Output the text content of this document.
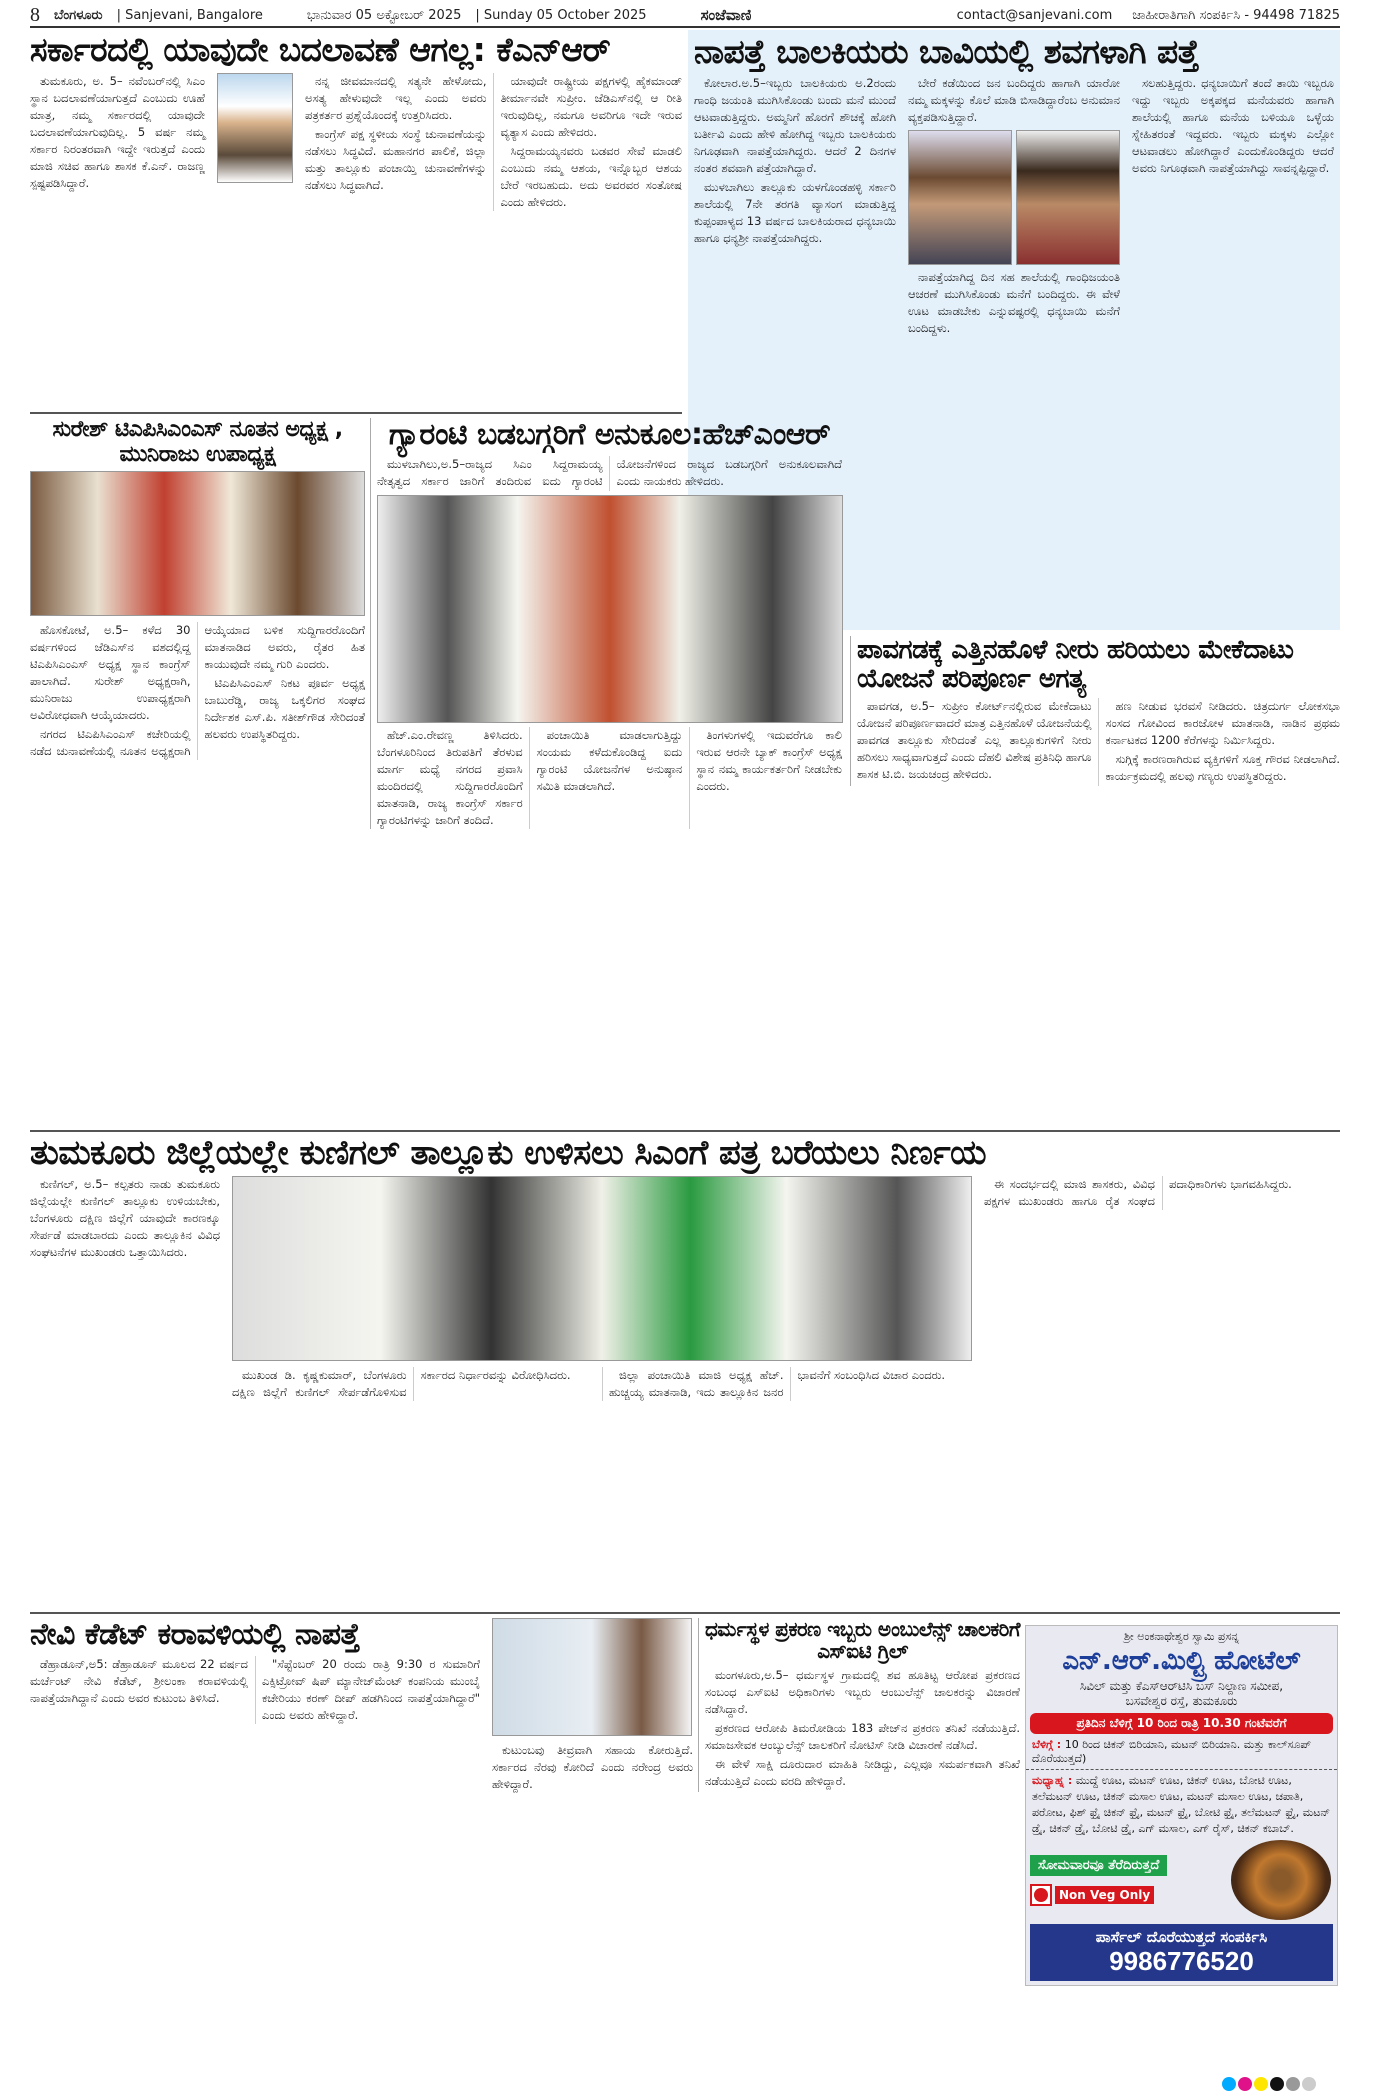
8 ಬೆಂಗಳೂರು | Sanjevani, Bangalore	ಭಾನುವಾರ 05 ಅಕ್ಟೋಬರ್ 2025 | Sunday 05 October 2025	ಸಂಜೆವಾಣಿ	contact@sanjevani.com ಜಾಹೀರಾತಿಗಾಗಿ ಸಂಪರ್ಕಿಸಿ - 94498 71825
ಸರ್ಕಾರದಲ್ಲಿ ಯಾವುದೇ ಬದಲಾವಣೆ ಆಗಲ್ಲ: ಕೆಎನ್‌ಆರ್

ತುಮಕೂರು, ಅ. 5– ನವೆಂಬರ್‌ನಲ್ಲಿ ಸಿಎಂ ಸ್ಥಾನ ಬದಲಾವಣೆಯಾಗುತ್ತದೆ ಎಂಬುದು ಊಹೆ ಮಾತ್ರ, ನಮ್ಮ ಸರ್ಕಾರದಲ್ಲಿ ಯಾವುದೇ ಬದಲಾವಣೆಯಾಗುವುದಿಲ್ಲ. 5 ವರ್ಷ ನಮ್ಮ ಸರ್ಕಾರ ನಿರಂತರವಾಗಿ ಇದ್ದೇ ಇರುತ್ತದೆ ಎಂದು ಮಾಜಿ ಸಚಿವ ಹಾಗೂ ಶಾಸಕ ಕೆ.ಎನ್. ರಾಜಣ್ಣ ಸ್ಪಷ್ಟಪಡಿಸಿದ್ದಾರೆ.

ನನ್ನ ಜೀವಮಾನದಲ್ಲಿ ಸತ್ಯನೇ ಹೇಳೋದು, ಅಸತ್ಯ ಹೇಳುವುದೇ ಇಲ್ಲ ಎಂದು ಅವರು ಪತ್ರಕರ್ತರ ಪ್ರಶ್ನೆಯೊಂದಕ್ಕೆ ಉತ್ತರಿಸಿದರು.

ಕಾಂಗ್ರೆಸ್ ಪಕ್ಷ ಸ್ಥಳೀಯ ಸಂಸ್ಥೆ ಚುನಾವಣೆಯನ್ನು ನಡೆಸಲು ಸಿದ್ಧವಿದೆ. ಮಹಾನಗರ ಪಾಲಿಕೆ, ಜಿಲ್ಲಾ ಮತ್ತು ತಾಲ್ಲೂಕು ಪಂಚಾಯ್ತಿ ಚುನಾವಣೆಗಳನ್ನು ನಡೆಸಲು ಸಿದ್ಧವಾಗಿದೆ.

ಯಾವುದೇ ರಾಷ್ಟ್ರೀಯ ಪಕ್ಷಗಳಲ್ಲಿ ಹೈಕಮಾಂಡ್ ತೀರ್ಮಾನವೇ ಸುಪ್ರೀಂ. ಜೆಡಿಎಸ್‌ನಲ್ಲಿ ಆ ರೀತಿ ಇರುವುದಿಲ್ಲ, ನಮಗೂ ಅವರಿಗೂ ಇದೇ ಇರುವ ವ್ಯತ್ಯಾಸ ಎಂದು ಹೇಳಿದರು.

ಸಿದ್ದರಾಮಯ್ಯನವರು ಬಡವರ ಸೇವೆ ಮಾಡಲಿ ಎಂಬುದು ನಮ್ಮ ಆಶಯ, ಇನ್ನೊಬ್ಬರ ಆಶಯ ಬೇರೆ ಇರಬಹುದು. ಅದು ಅವರವರ ಸಂತೋಷ ಎಂದು ಹೇಳಿದರು.

ನಾಪತ್ತೆ ಬಾಲಕಿಯರು ಬಾವಿಯಲ್ಲಿ ಶವಗಳಾಗಿ ಪತ್ತೆ

ಕೋಲಾರ.ಅ.5–ಇಬ್ಬರು ಬಾಲಕಿಯರು ಅ.2ರಂದು ಗಾಂಧಿ ಜಯಂತಿ ಮುಗಿಸಿಕೊಂಡು ಬಂದು ಮನೆ ಮುಂದೆ ಆಟವಾಡುತ್ತಿದ್ದರು. ಅಮ್ಮನಿಗೆ ಹೊರಗೆ ಶೌಚಕ್ಕೆ ಹೋಗಿ ಬರ್ತೀವಿ ಎಂದು ಹೇಳಿ ಹೋಗಿದ್ದ ಇಬ್ಬರು ಬಾಲಕಿಯರು ನಿಗೂಢವಾಗಿ ನಾಪತ್ತೆಯಾಗಿದ್ದರು. ಆದರೆ 2 ದಿನಗಳ ನಂತರ ಶವವಾಗಿ ಪತ್ತೆಯಾಗಿದ್ದಾರೆ.

ಮುಳಬಾಗಿಲು ತಾಲ್ಲೂಕು ಯಳಗೊಂಡಹಳ್ಳಿ ಸರ್ಕಾರಿ ಶಾಲೆಯಲ್ಲಿ 7ನೇ ತರಗತಿ ವ್ಯಾಸಂಗ ಮಾಡುತ್ತಿದ್ದ ಕುಪ್ಪಂಪಾಳ್ಯದ 13 ವರ್ಷದ ಬಾಲಕಿಯರಾದ ಧನ್ಯಬಾಯಿ ಹಾಗೂ ಧನ್ಯಶ್ರೀ ನಾಪತ್ತೆಯಾಗಿದ್ದರು.

ಬೇರೆ ಕಡೆಯಿಂದ ಜನ ಬಂದಿದ್ದರು ಹಾಗಾಗಿ ಯಾರೋ ನಮ್ಮ ಮಕ್ಕಳನ್ನು ಕೊಲೆ ಮಾಡಿ ಬಿಸಾಡಿದ್ದಾರೆಂಬ ಅನುಮಾನ ವ್ಯಕ್ತಪಡಿಸುತ್ತಿದ್ದಾರೆ.

ನಾಪತ್ತೆಯಾಗಿದ್ದ ದಿನ ಸಹ ಶಾಲೆಯಲ್ಲಿ ಗಾಂಧಿಜಯಂತಿ ಆಚರಣೆ ಮುಗಿಸಿಕೊಂಡು ಮನೆಗೆ ಬಂದಿದ್ದರು. ಈ ವೇಳೆ ಊಟ ಮಾಡಬೇಕು ಎನ್ನುವಷ್ಟರಲ್ಲಿ ಧನ್ಯಬಾಯಿ ಮನೆಗೆ ಬಂದಿದ್ದಳು.

ಸಲಹುತ್ತಿದ್ದರು. ಧನ್ಯಬಾಯಿಗೆ ತಂದೆ ತಾಯಿ ಇಬ್ಬರೂ ಇದ್ದು ಇಬ್ಬರು ಅಕ್ಕಪಕ್ಕದ ಮನೆಯವರು ಹಾಗಾಗಿ ಶಾಲೆಯಲ್ಲಿ ಹಾಗೂ ಮನೆಯ ಬಳಿಯೂ ಒಳ್ಳೆಯ ಸ್ನೇಹಿತರಂತೆ ಇದ್ದವರು. ಇಬ್ಬರು ಮಕ್ಕಳು ಎಲ್ಲೋ ಆಟವಾಡಲು ಹೋಗಿದ್ದಾರೆ ಎಂದುಕೊಂಡಿದ್ದರು ಆದರೆ ಅವರು ನಿಗೂಢವಾಗಿ ನಾಪತ್ತೆಯಾಗಿದ್ದು ಸಾವನ್ನಪ್ಪಿದ್ದಾರೆ.

ಸುರೇಶ್ ಟಿಎಪಿಸಿಎಂಎಸ್ ನೂತನ ಅಧ್ಯಕ್ಷ , ಮುನಿರಾಜು ಉಪಾಧ್ಯಕ್ಷ

ಹೊಸಕೋಟೆ, ಅ.5– ಕಳೆದ 30 ವರ್ಷಗಳಿಂದ ಜೆಡಿಎಸ್‌ನ ವಶದಲ್ಲಿದ್ದ ಟಿಎಪಿಸಿಎಂಎಸ್ ಅಧ್ಯಕ್ಷ ಸ್ಥಾನ ಕಾಂಗ್ರೆಸ್ ಪಾಲಾಗಿದೆ. ಸುರೇಶ್ ಅಧ್ಯಕ್ಷರಾಗಿ, ಮುನಿರಾಜು ಉಪಾಧ್ಯಕ್ಷರಾಗಿ ಅವಿರೋಧವಾಗಿ ಆಯ್ಕೆಯಾದರು.

ನಗರದ ಟಿಎಪಿಸಿಎಂಎಸ್ ಕಚೇರಿಯಲ್ಲಿ ನಡೆದ ಚುನಾವಣೆಯಲ್ಲಿ ನೂತನ ಅಧ್ಯಕ್ಷರಾಗಿ ಆಯ್ಕೆಯಾದ ಬಳಿಕ ಸುದ್ದಿಗಾರರೊಂದಿಗೆ ಮಾತನಾಡಿದ ಅವರು, ರೈತರ ಹಿತ ಕಾಯುವುದೇ ನಮ್ಮ ಗುರಿ ಎಂದರು.

ಟಿಎಪಿಸಿಎಂಎಸ್ ನಿಕಟ ಪೂರ್ವ ಅಧ್ಯಕ್ಷ ಬಾಬುರೆಡ್ಡಿ, ರಾಜ್ಯ ಒಕ್ಕಲಿಗರ ಸಂಘದ ನಿರ್ದೇಶಕ ಎಸ್.ಪಿ. ಸತೀಶ್‌ಗೌಡ ಸೇರಿದಂತೆ ಹಲವರು ಉಪಸ್ಥಿತರಿದ್ದರು.

ಗ್ಯಾರಂಟಿ ಬಡಬಗ್ಗರಿಗೆ ಅನುಕೂಲ:ಹೆಚ್‌ಎಂಆರ್

ಮುಳಬಾಗಿಲು,ಅ.5–ರಾಜ್ಯದ ಸಿಎಂ ಸಿದ್ದರಾಮಯ್ಯ ನೇತೃತ್ವದ ಸರ್ಕಾರ ಜಾರಿಗೆ ತಂದಿರುವ ಐದು ಗ್ಯಾರಂಟಿ ಯೋಜನೆಗಳಿಂದ ರಾಜ್ಯದ ಬಡಬಗ್ಗರಿಗೆ ಅನುಕೂಲವಾಗಿದೆ ಎಂದು ನಾಯಕರು ಹೇಳಿದರು.

ಹೆಚ್.ಎಂ.ರೇವಣ್ಣ ತಿಳಿಸಿದರು. ಬೆಂಗಳೂರಿನಿಂದ ತಿರುಪತಿಗೆ ತೆರಳುವ ಮಾರ್ಗ ಮಧ್ಯೆ ನಗರದ ಪ್ರವಾಸಿ ಮಂದಿರದಲ್ಲಿ ಸುದ್ದಿಗಾರರೊಂದಿಗೆ ಮಾತನಾಡಿ, ರಾಜ್ಯ ಕಾಂಗ್ರೆಸ್ ಸರ್ಕಾರ ಗ್ಯಾರಂಟಿಗಳನ್ನು ಜಾರಿಗೆ ತಂದಿದೆ.

ಪಂಚಾಯಿತಿ ಮಾಡಲಾಗುತ್ತಿದ್ದು ಸಂಯಮ ಕಳೆದುಕೊಂಡಿದ್ದ ಐದು ಗ್ಯಾರಂಟಿ ಯೋಜನೆಗಳ ಅನುಷ್ಠಾನ ಸಮಿತಿ ಮಾಡಲಾಗಿದೆ.

ತಿಂಗಳುಗಳಲ್ಲಿ ಇದುವರೆಗೂ ಕಾಲಿ ಇರುವ ಆರನೇ ಬ್ಯಾಕ್ ಕಾಂಗ್ರೆಸ್ ಅಧ್ಯಕ್ಷ ಸ್ಥಾನ ನಮ್ಮ ಕಾರ್ಯಕರ್ತರಿಗೆ ನೀಡಬೇಕು ಎಂದರು.

ಪಾವಗಡಕ್ಕೆ ಎತ್ತಿನಹೊಳೆ ನೀರು ಹರಿಯಲು ಮೇಕೆದಾಟು ಯೋಜನೆ ಪರಿಪೂರ್ಣ ಅಗತ್ಯ

ಪಾವಗಡ, ಅ.5– ಸುಪ್ರೀಂ ಕೋರ್ಟ್‌ನಲ್ಲಿರುವ ಮೇಕೆದಾಟು ಯೋಜನೆ ಪರಿಪೂರ್ಣವಾದರೆ ಮಾತ್ರ ಎತ್ತಿನಹೊಳೆ ಯೋಜನೆಯಲ್ಲಿ ಪಾವಗಡ ತಾಲ್ಲೂಕು ಸೇರಿದಂತೆ ಎಲ್ಲ ತಾಲ್ಲೂಕುಗಳಿಗೆ ನೀರು ಹರಿಸಲು ಸಾಧ್ಯವಾಗುತ್ತದೆ ಎಂದು ದೆಹಲಿ ವಿಶೇಷ ಪ್ರತಿನಿಧಿ ಹಾಗೂ ಶಾಸಕ ಟಿ.ಬಿ. ಜಯಚಂದ್ರ ಹೇಳಿದರು.

ಹಣ ನೀಡುವ ಭರವಸೆ ನೀಡಿದರು. ಚಿತ್ರದುರ್ಗ ಲೋಕಸಭಾ ಸಂಸದ ಗೋವಿಂದ ಕಾರಜೋಳ ಮಾತನಾಡಿ, ನಾಡಿನ ಪ್ರಥಮ ಕರ್ನಾಟಕದ 1200 ಕೆರೆಗಳನ್ನು ನಿರ್ಮಿಸಿದ್ದರು.

ಸುಗ್ಗಿಕ್ಕೆ ಕಾರಣರಾಗಿರುವ ವ್ಯಕ್ತಿಗಳಿಗೆ ಸೂಕ್ತ ಗೌರವ ನೀಡಲಾಗಿದೆ. ಕಾರ್ಯಕ್ರಮದಲ್ಲಿ ಹಲವು ಗಣ್ಯರು ಉಪಸ್ಥಿತರಿದ್ದರು.

ತುಮಕೂರು ಜಿಲ್ಲೆಯಲ್ಲೇ ಕುಣಿಗಲ್ ತಾಲ್ಲೂಕು ಉಳಿಸಲು ಸಿಎಂಗೆ ಪತ್ರ ಬರೆಯಲು ನಿರ್ಣಯ

ಕುಣಿಗಲ್, ಅ.5– ಕಲ್ಪತರು ನಾಡು ತುಮಕೂರು ಜಿಲ್ಲೆಯಲ್ಲೇ ಕುಣಿಗಲ್ ತಾಲ್ಲೂಕು ಉಳಿಯಬೇಕು, ಬೆಂಗಳೂರು ದಕ್ಷಿಣ ಜಿಲ್ಲೆಗೆ ಯಾವುದೇ ಕಾರಣಕ್ಕೂ ಸೇರ್ಪಡೆ ಮಾಡಬಾರದು ಎಂದು ತಾಲ್ಲೂಕಿನ ವಿವಿಧ ಸಂಘಟನೆಗಳ ಮುಖಂಡರು ಒತ್ತಾಯಿಸಿದರು.

ಮುಖಂಡ ಡಿ. ಕೃಷ್ಣಕುಮಾರ್, ಬೆಂಗಳೂರು ದಕ್ಷಿಣ ಜಿಲ್ಲೆಗೆ ಕುಣಿಗಲ್ ಸೇರ್ಪಡೆಗೊಳಿಸುವ ಸರ್ಕಾರದ ನಿರ್ಧಾರವನ್ನು ವಿರೋಧಿಸಿದರು.	ಜಿಲ್ಲಾ ಪಂಚಾಯಿತಿ ಮಾಜಿ ಅಧ್ಯಕ್ಷ ಹೆಚ್. ಹುಚ್ಚಯ್ಯ ಮಾತನಾಡಿ, ಇದು ತಾಲ್ಲೂಕಿನ ಜನರ ಭಾವನೆಗೆ ಸಂಬಂಧಿಸಿದ ವಿಚಾರ ಎಂದರು.

ಈ ಸಂದರ್ಭದಲ್ಲಿ ಮಾಜಿ ಶಾಸಕರು, ವಿವಿಧ ಪಕ್ಷಗಳ ಮುಖಂಡರು ಹಾಗೂ ರೈತ ಸಂಘದ ಪದಾಧಿಕಾರಿಗಳು ಭಾಗವಹಿಸಿದ್ದರು.

ನೇವಿ ಕೆಡೆಟ್ ಕರಾವಳಿಯಲ್ಲಿ ನಾಪತ್ತೆ

ಡೆಹ್ರಾಡೂನ್,ಅ5: ಡೆಹ್ರಾಡೂನ್ ಮೂಲದ 22 ವರ್ಷದ ಮರ್ಚೆಂಟ್ ನೇವಿ ಕೆಡೆಟ್, ಶ್ರೀಲಂಕಾ ಕರಾವಳಿಯಲ್ಲಿ ನಾಪತ್ತೆಯಾಗಿದ್ದಾನೆ ಎಂದು ಅವರ ಕುಟುಂಬ ತಿಳಿಸಿದೆ.

"ಸೆಪ್ಟೆಂಬರ್ 20 ರಂದು ರಾತ್ರಿ 9:30 ರ ಸುಮಾರಿಗೆ ಎಕ್ಸಿಟ್ರೋವ್ ಷಿಪ್ ಮ್ಯಾನೇಜ್‌ಮೆಂಟ್ ಕಂಪನಿಯ ಮುಂಬೈ ಕಚೇರಿಯು ಕರಣ್ ದೀಪ್ ಹಡಗಿನಿಂದ ನಾಪತ್ತೆಯಾಗಿದ್ದಾರೆ" ಎಂದು ಅವರು ಹೇಳಿದ್ದಾರೆ.

ಕುಟುಂಬವು ತೀವ್ರವಾಗಿ ಸಹಾಯ ಕೋರುತ್ತಿದೆ. ಸರ್ಕಾರದ ನೆರವು ಕೋರಿದೆ ಎಂದು ನರೇಂದ್ರ ಅವರು ಹೇಳಿದ್ದಾರೆ.

ಧರ್ಮಸ್ಥಳ ಪ್ರಕರಣ ಇಬ್ಬರು ಅಂಬುಲೆನ್ಸ್ ಚಾಲಕರಿಗೆ ಎಸ್‌ಐಟಿ ಗ್ರಿಲ್

ಮಂಗಳೂರು,ಅ.5– ಧರ್ಮಸ್ಥಳ ಗ್ರಾಮದಲ್ಲಿ ಶವ ಹೂತಿಟ್ಟ ಆರೋಪ ಪ್ರಕರಣದ ಸಂಬಂಧ ಎಸ್‌ಐಟಿ ಅಧಿಕಾರಿಗಳು ಇಬ್ಬರು ಆಂಬುಲೆನ್ಸ್ ಚಾಲಕರನ್ನು ವಿಚಾರಣೆ ನಡೆಸಿದ್ದಾರೆ.

ಪ್ರಕರಣದ ಆರೋಪಿ ತಿಮರೋಡಿಯ 183 ಪೇಜ್‌ನ ಪ್ರಕರಣ ತನಿಖೆ ನಡೆಯುತ್ತಿದೆ. ಸಮಾಜಸೇವಕ ಆಂಬ್ಯುಲೆನ್ಸ್ ಚಾಲಕರಿಗೆ ನೋಟಿಸ್ ನೀಡಿ ವಿಚಾರಣೆ ನಡೆಸಿದೆ.

ಈ ವೇಳೆ ಸಾಕ್ಷಿ ದೂರುದಾರ ಮಾಹಿತಿ ನೀಡಿದ್ದು, ಎಲ್ಲವೂ ಸಮರ್ಪಕವಾಗಿ ತನಿಖೆ ನಡೆಯುತ್ತಿದೆ ಎಂದು ವರದಿ ಹೇಳಿದ್ದಾರೆ.

ಶ್ರೀ ಅಂಕನಾಥೇಶ್ವರ ಸ್ವಾಮಿ ಪ್ರಸನ್ನ
ಎನ್.ಆರ್.ಮಿಲ್ಟ್ರಿ ಹೋಟೆಲ್
ಸಿವಿಲ್ ಮತ್ತು ಕೆಎಸ್ಆರ್‌ಟಿಸಿ ಬಸ್ ನಿಲ್ದಾಣ ಸಮೀಪ,
ಬಸವೇಶ್ವರ ರಸ್ತೆ, ತುಮಕೂರು
ಪ್ರತಿದಿನ ಬೆಳಿಗ್ಗೆ 10 ರಿಂದ ರಾತ್ರಿ 10.30 ಗಂಟೆವರೆಗೆ
ಬೆಳಿಗ್ಗೆ : 10 ರಿಂದ ಚಿಕನ್ ಬಿರಿಯಾನಿ, ಮಟನ್ ಬಿರಿಯಾನಿ. ಮತ್ತು ಕಾಲ್‌ಸೂಪ್ ದೊರೆಯುತ್ತದೆ)
ಮಧ್ಯಾಹ್ನ : ಮುದ್ದೆ ಊಟ, ಮಟನ್ ಊಟ, ಚಿಕನ್ ಊಟ, ಬೋಟಿ ಊಟ, ತಲೆಮಟನ್ ಊಟ, ಚಿಕನ್ ಮಸಾಲ ಊಟ, ಮಟನ್ ಮಸಾಲ ಊಟ, ಚಪಾತಿ, ಪರೋಟ, ಫಿಶ್ ಫ್ರೈ ಚಿಕನ್ ಫ್ರೈ, ಮಟನ್ ಫ್ರೈ, ಬೋಟಿ ಫ್ರೈ, ತಲೆಮಟನ್ ಫ್ರೈ, ಮಟನ್ ಡ್ರೈ, ಚಿಕನ್ ಡ್ರೈ, ಬೋಟಿ ಡ್ರೈ, ಎಗ್ ಮಸಾಲ, ಎಗ್ ರೈಸ್, ಚಿಕನ್ ಕಬಾಬ್.
ಸೋಮವಾರವೂ ತೆರೆದಿರುತ್ತದೆ
Non Veg Only
ಪಾರ್ಸೆಲ್ ದೊರೆಯುತ್ತದೆ ಸಂಪರ್ಕಿಸಿ
9986776520
